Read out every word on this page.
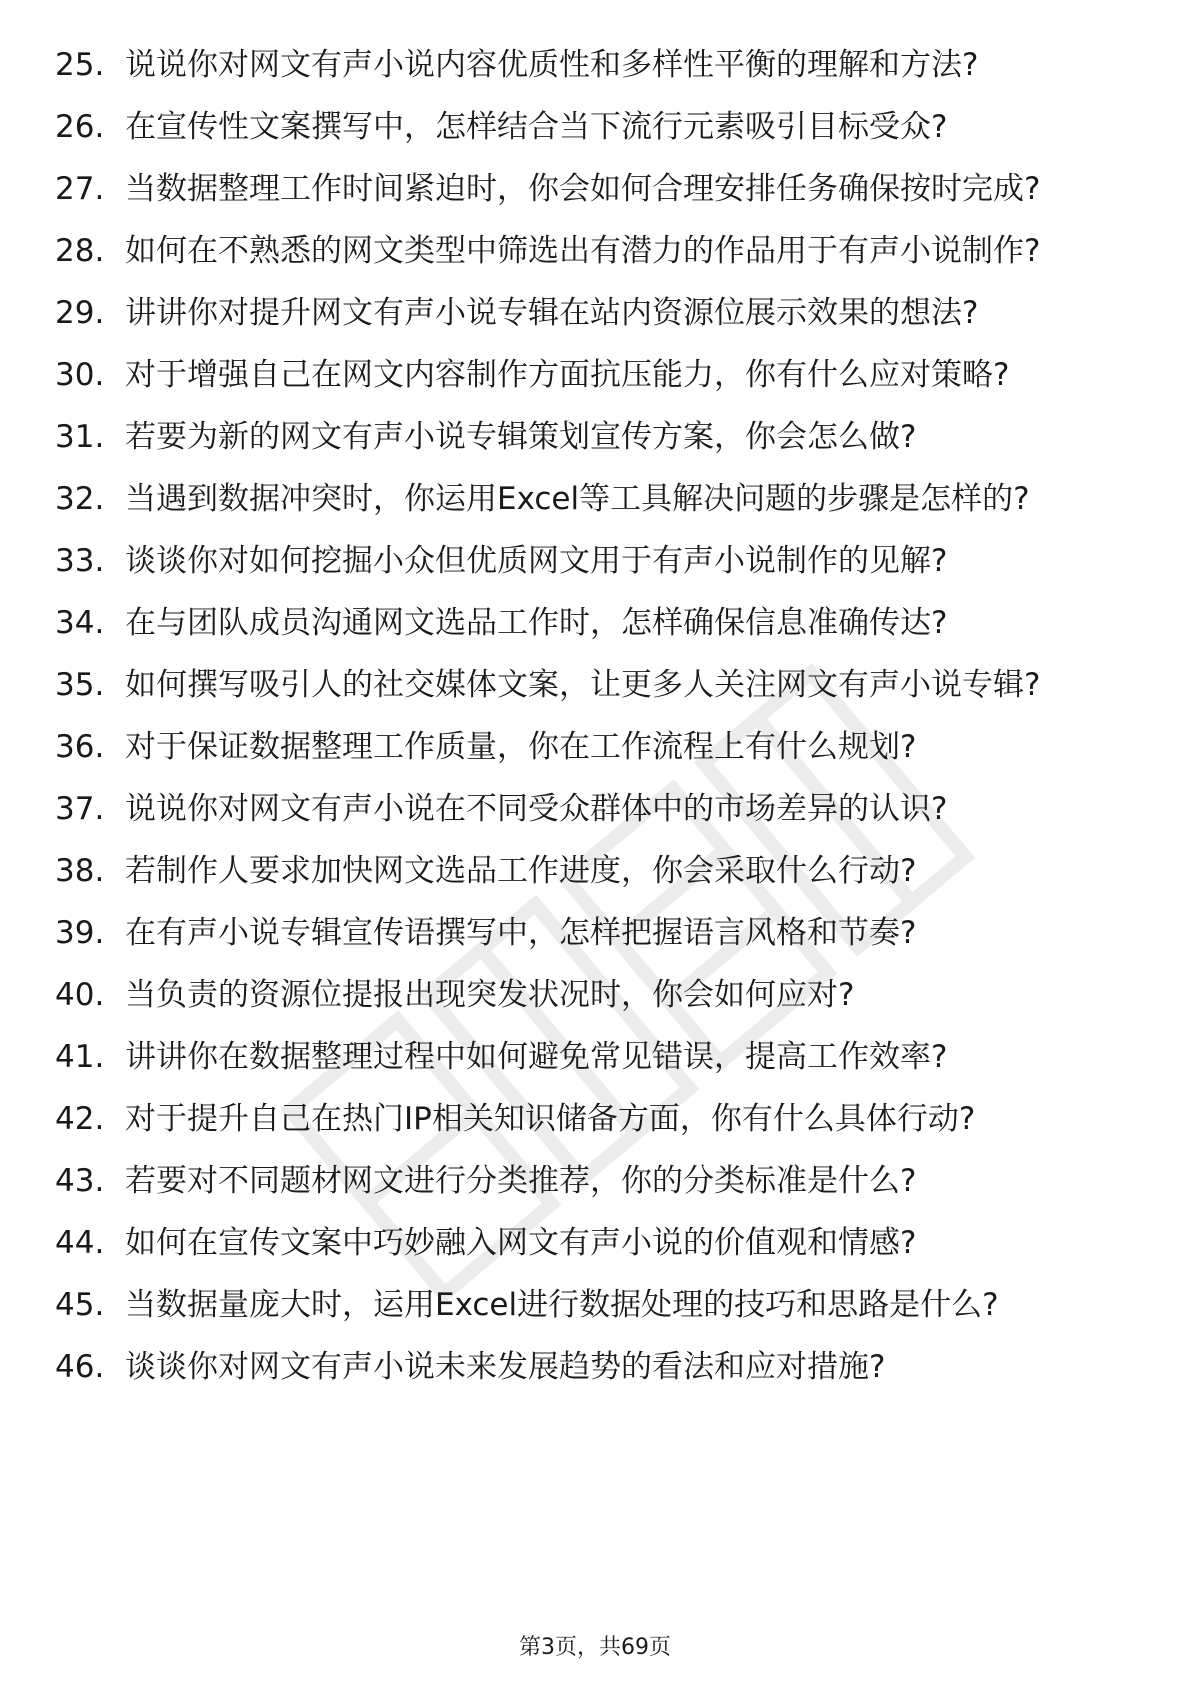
25. 说说你对网文有声小说内容优质性和多样性平衡的理解和方法?
26. 在宣传性文案撰写中，怎样结合当下流行元素吸引目标受众?
27. 当数据整理工作时间紧迫时，你会如何合理安排任务确保按时完成?
28. 如何在不熟悉的网文类型中筛选出有潜力的作品用于有声小说制作?
29. 讲讲你对提升网文有声小说专辑在站内资源位展示效果的想法?
30. 对于增强自己在网文内容制作方面抗压能力，你有什么应对策略?
31. 若要为新的网文有声小说专辑策划宣传方案，你会怎么做?
32. 当遇到数据冲突时，你运用Excel等工具解决问题的步骤是怎样的?
33. 谈谈你对如何挖掘小众但优质网文用于有声小说制作的见解?
34. 在与团队成员沟通网文选品工作时，怎样确保信息准确传达?
35. 如何撰写吸引人的社交媒体文案，让更多人关注网文有声小说专辑?
36. 对于保证数据整理工作质量，你在工作流程上有什么规划?
37. 说说你对网文有声小说在不同受众群体中的市场差异的认识?
38. 若制作人要求加快网文选品工作进度，你会采取什么行动?
39. 在有声小说专辑宣传语撰写中，怎样把握语言风格和节奏?
40. 当负责的资源位提报出现突发状况时，你会如何应对?
41. 讲讲你在数据整理过程中如何避免常见错误，提高工作效率?
42. 对于提升自己在热门IP相关知识储备方面，你有什么具体行动?
43. 若要对不同题材网文进行分类推荐，你的分类标准是什么?
44. 如何在宣传文案中巧妙融入网文有声小说的价值观和情感?
45. 当数据量庞大时，运用Excel进行数据处理的技巧和思路是什么?
46. 谈谈你对网文有声小说未来发展趋势的看法和应对措施?
第3页，共69页
